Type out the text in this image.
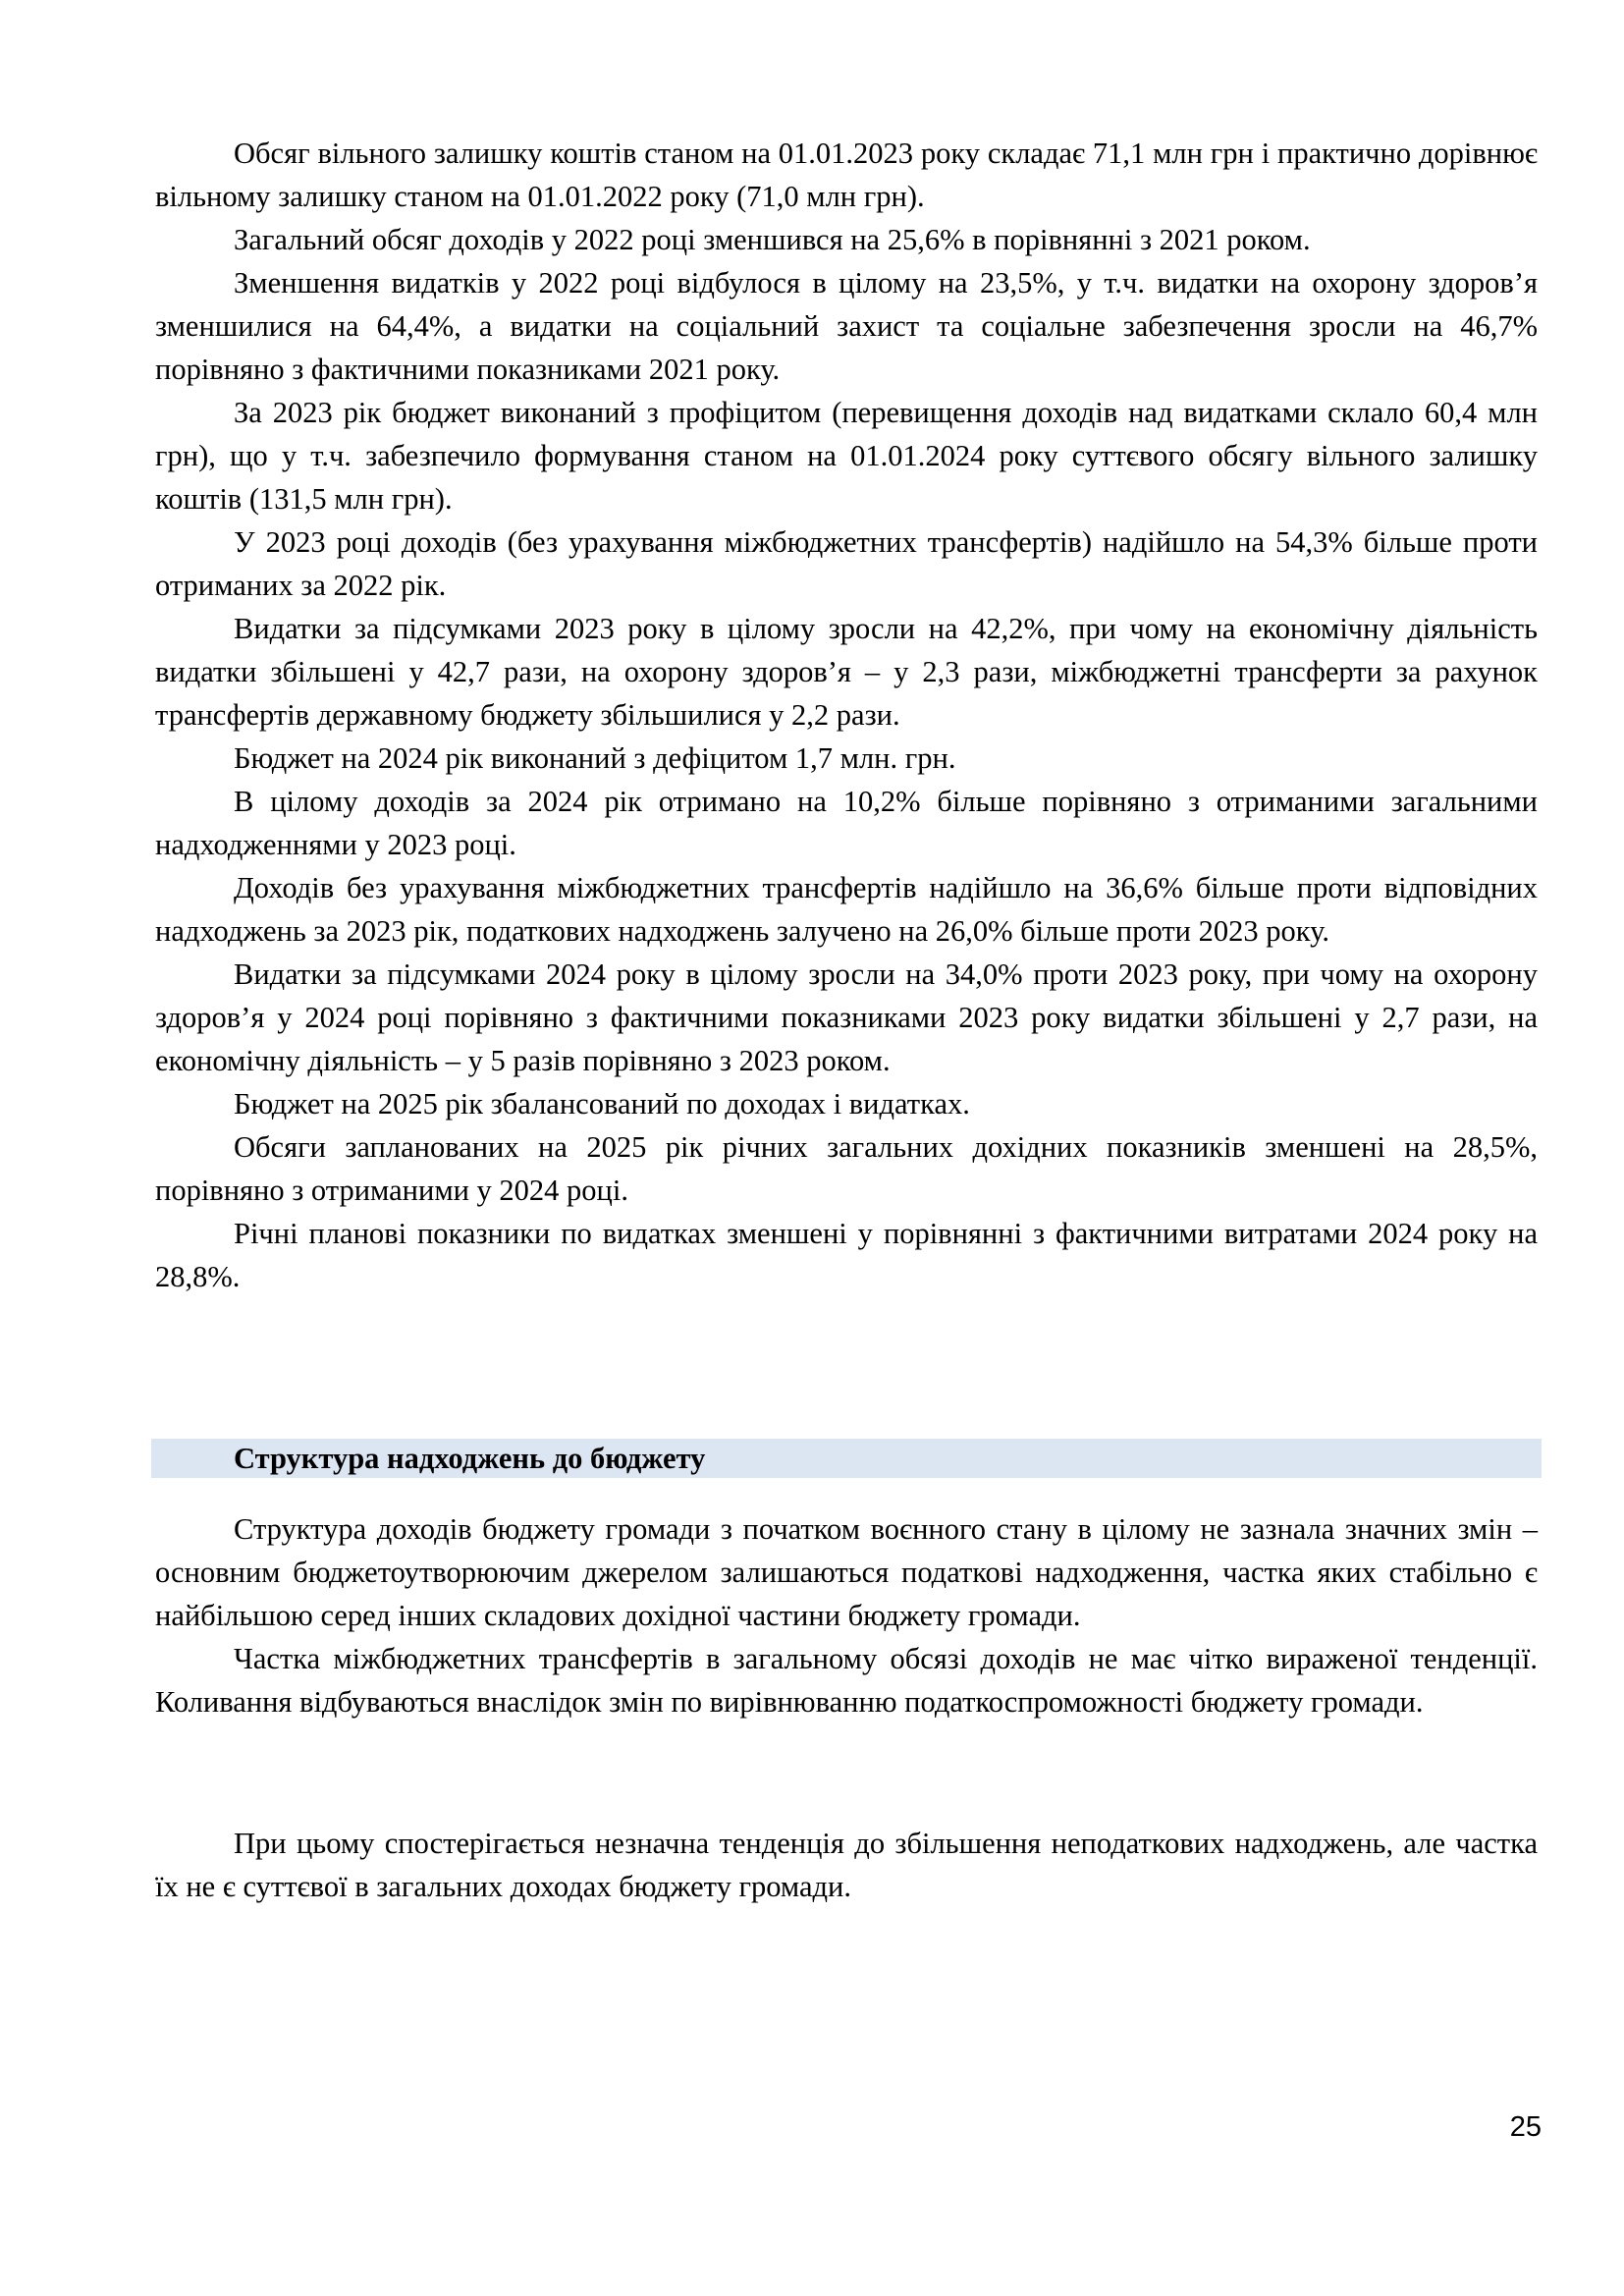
Обсяг вільного залишку коштів станом на 01.01.2023 року складає 71,1 млн грн і практично дорівнює вільному залишку станом на 01.01.2022 року (71,0 млн грн).

Загальний обсяг доходів у 2022 році зменшився на 25,6% в порівнянні з 2021 роком.

Зменшення видатків у 2022 році відбулося в цілому на 23,5%, у т.ч. видатки на охорону здоров’я зменшилися на 64,4%, а видатки на соціальний захист та соціальне забезпечення зросли на 46,7% порівняно з фактичними показниками 2021 року.

За 2023 рік бюджет виконаний з профіцитом (перевищення доходів над видатками склало 60,4 млн грн), що у т.ч. забезпечило формування станом на 01.01.2024 року суттєвого обсягу вільного залишку коштів (131,5 млн грн).

У 2023 році доходів (без урахування міжбюджетних трансфертів) надійшло на 54,3% більше проти отриманих за 2022 рік.

Видатки за підсумками 2023 року в цілому зросли на 42,2%, при чому на економічну діяльність видатки збільшені у 42,7 рази, на охорону здоров’я – у 2,3 рази, міжбюджетні трансферти за рахунок трансфертів державному бюджету збільшилися у 2,2 рази.

Бюджет на 2024 рік виконаний з дефіцитом 1,7 млн. грн.

В цілому доходів за 2024 рік отримано на 10,2% більше порівняно з отриманими загальними надходженнями у 2023 році.

Доходів без урахування міжбюджетних трансфертів надійшло на 36,6% більше проти відповідних надходжень за 2023 рік, податкових надходжень залучено на 26,0% більше проти 2023 року.

Видатки за підсумками 2024 року в цілому зросли на 34,0% проти 2023 року, при чому на охорону здоров’я у 2024 році порівняно з фактичними показниками 2023 року видатки збільшені у 2,7 рази, на економічну діяльність – у 5 разів порівняно з 2023 роком.

Бюджет на 2025 рік збалансований по доходах і видатках.

Обсяги запланованих на 2025 рік річних загальних дохідних показників зменшені на 28,5%, порівняно з отриманими у 2024 році.

Річні планові показники по видатках зменшені у порівнянні з фактичними витратами 2024 року на 28,8%.

Структура надходжень до бюджету

Структура доходів бюджету громади з початком воєнного стану в цілому не зазнала значних змін – основним бюджетоутворюючим джерелом залишаються податкові надходження, частка яких стабільно є найбільшою серед інших складових дохідної частини бюджету громади.

Частка міжбюджетних трансфертів в загальному обсязі доходів не має чітко вираженої тенденції. Коливання відбуваються внаслідок змін по вирівнюванню податкоспроможності бюджету громади.

При цьому спостерігається незначна тенденція до збільшення неподаткових надходжень, але частка їх не є суттєвої в загальних доходах бюджету громади.

25
